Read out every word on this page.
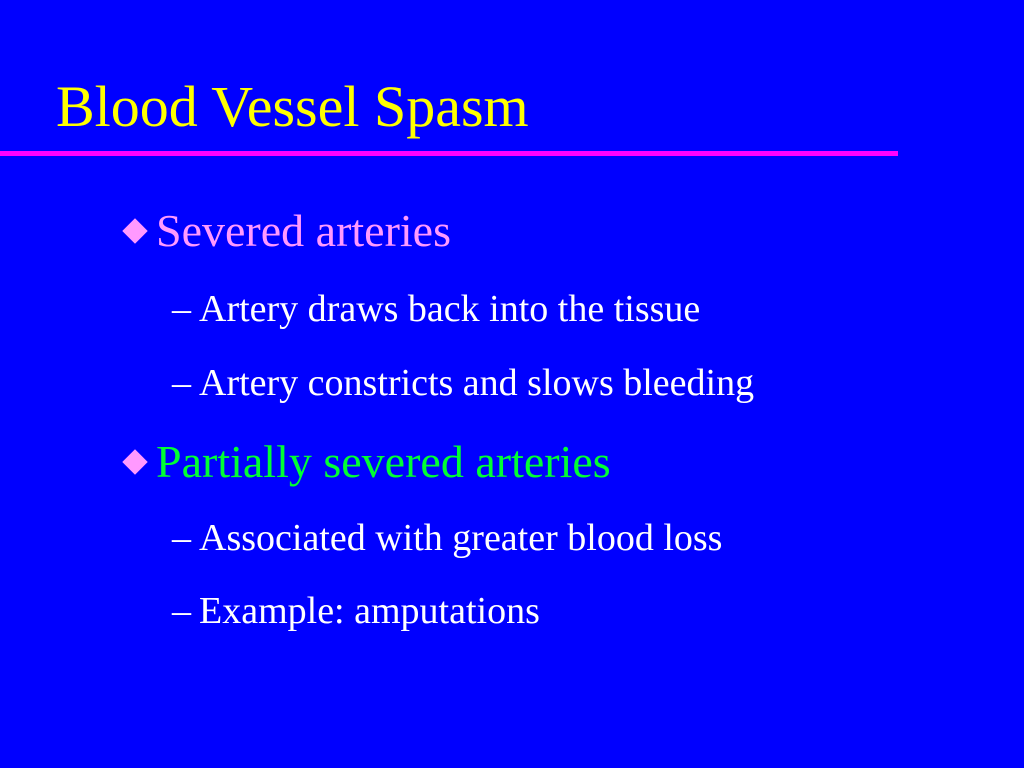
Blood Vessel Spasm
Severed arteries
– Artery draws back into the tissue
– Artery constricts and slows bleeding
Partially severed arteries
– Associated with greater blood loss
– Example: amputations
